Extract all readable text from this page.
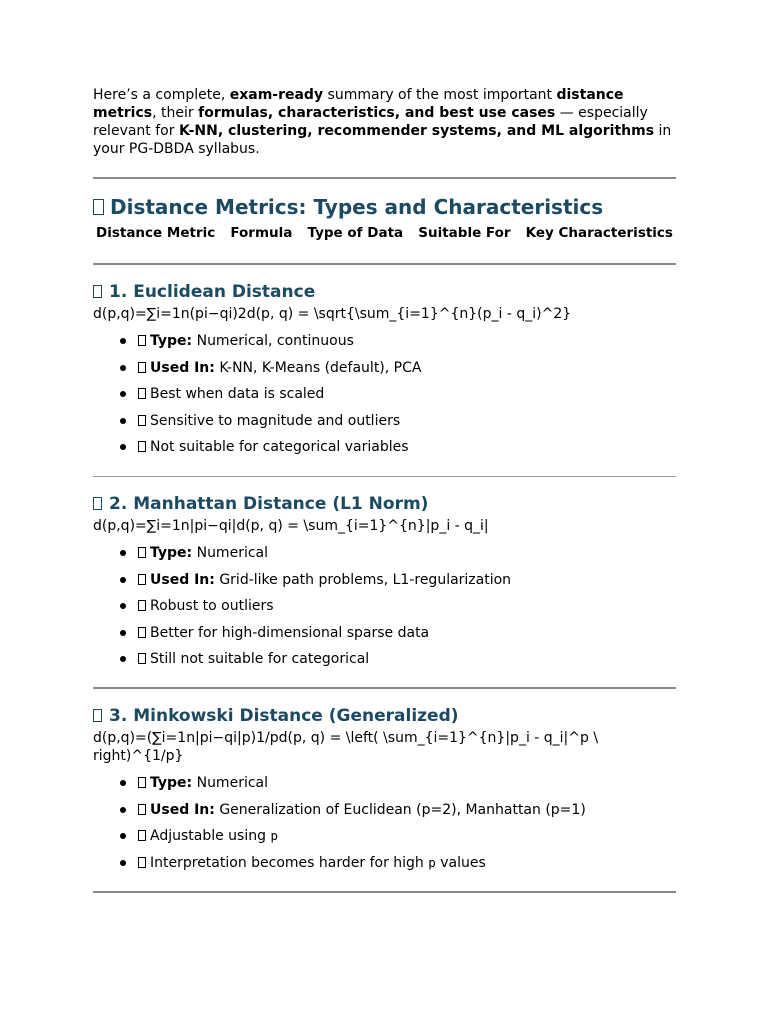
Here’s a complete, exam-ready summary of the most important distance metrics, their formulas, characteristics, and best use cases — especially relevant for K-NN, clustering, recommender systems, and ML algorithms in your PG-DBDA syllabus.

Distance Metrics: Types and Characteristics
Distance Metric Formula Type of Data Suitable For Key Characteristics
1. Euclidean Distance

d(p,q)=∑i=1n(pi−qi)2d(p, q) = \sqrt{\sum_{i=1}^{n}(p_i - q_i)^2}

Type: Numerical, continuous
Used In: K-NN, K-Means (default), PCA
Best when data is scaled
Sensitive to magnitude and outliers
Not suitable for categorical variables
2. Manhattan Distance (L1 Norm)

d(p,q)=∑i=1n|pi−qi|d(p, q) = \sum_{i=1}^{n}|p_i - q_i|

Type: Numerical
Used In: Grid-like path problems, L1-regularization
Robust to outliers
Better for high-dimensional sparse data
Still not suitable for categorical
3. Minkowski Distance (Generalized)

d(p,q)=(∑i=1n|pi−qi|p)1/pd(p, q) = \left( \sum_{i=1}^{n}|p_i - q_i|^p \ right)^{1/p}

Type: Numerical
Used In: Generalization of Euclidean (p=2), Manhattan (p=1)
Adjustable using p
Interpretation becomes harder for high p values
